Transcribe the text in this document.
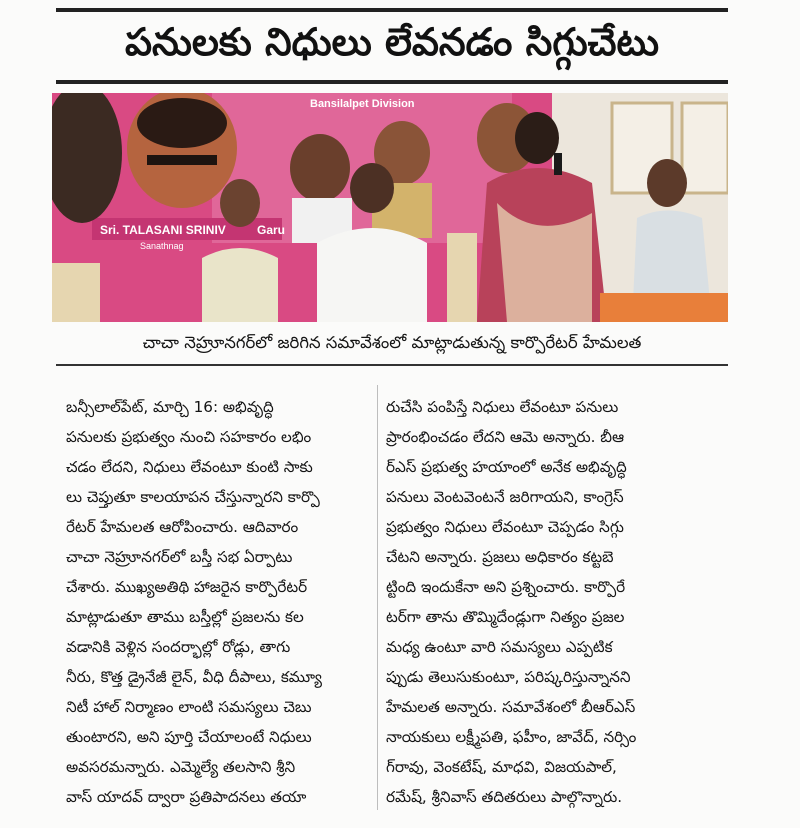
పనులకు నిధులు లేవనడం సిగ్గుచేటు
Bansilalpet Division
Sri. TALASANI SRINIV	Garu
Sanathnag
చాచా నెహ్రూనగర్‌లో జరిగిన సమావేశంలో మాట్లాడుతున్న కార్పొరేటర్ హేమలత
బన్సీలాల్‌పేట్, మార్చి 16: అభివృద్ధి
పనులకు ప్రభుత్వం నుంచి సహకారం లభిం
చడం లేదని, నిధులు లేవంటూ కుంటి సాకు
లు చెప్తుతూ కాలయాపన చేస్తున్నారని కార్పొ
రేటర్ హేమలత ఆరోపించారు. ఆదివారం
చాచా నెహ్రూనగర్‌లో బస్తీ సభ ఏర్పాటు
చేశారు. ముఖ్యఅతిథి హాజరైన కార్పొరేటర్
మాట్లాడుతూ తాము బస్తీల్లో ప్రజలను కల
వడానికి వెళ్లిన సందర్భాల్లో రోడ్లు, తాగు
నీరు, కొత్త డ్రైనేజీ లైన్, వీధి దీపాలు, కమ్యూ
నిటీ హాల్ నిర్మాణం లాంటి సమస్యలు చెబు
తుంటారని, అని పూర్తి చేయాలంటే నిధులు
అవసరమన్నారు. ఎమ్మెల్యే తలసాని శ్రీని
వాస్ యాదవ్ ద్వారా ప్రతిపాదనలు తయా
రుచేసి పంపిస్తే నిధులు లేవంటూ పనులు
ప్రారంభించడం లేదని ఆమె అన్నారు. బీఆ
ర్ఎస్ ప్రభుత్వ హయాంలో అనేక అభివృద్ధి
పనులు వెంటవెంటనే జరిగాయని, కాంగ్రెస్
ప్రభుత్వం నిధులు లేవంటూ చెప్పడం సిగ్గు
చేటని అన్నారు. ప్రజలు అధికారం కట్టబె
ట్టింది ఇందుకేనా అని ప్రశ్నించారు. కార్పొరే
టర్‌గా తాను తొమ్మిదేండ్లుగా నిత్యం ప్రజల
మధ్య ఉంటూ వారి సమస్యలు ఎప్పటిక
ప్పుడు తెలుసుకుంటూ, పరిష్కరిస్తున్నానని
హేమలత అన్నారు. సమావేశంలో బీఆర్ఎస్
నాయకులు లక్ష్మీపతి, ఫహీం, జావేద్, నర్సిం
గ్‌రావు, వెంకటేష్, మాధవి, విజయపాల్,
రమేష్, శ్రీనివాస్ తదితరులు పాల్గొన్నారు.
